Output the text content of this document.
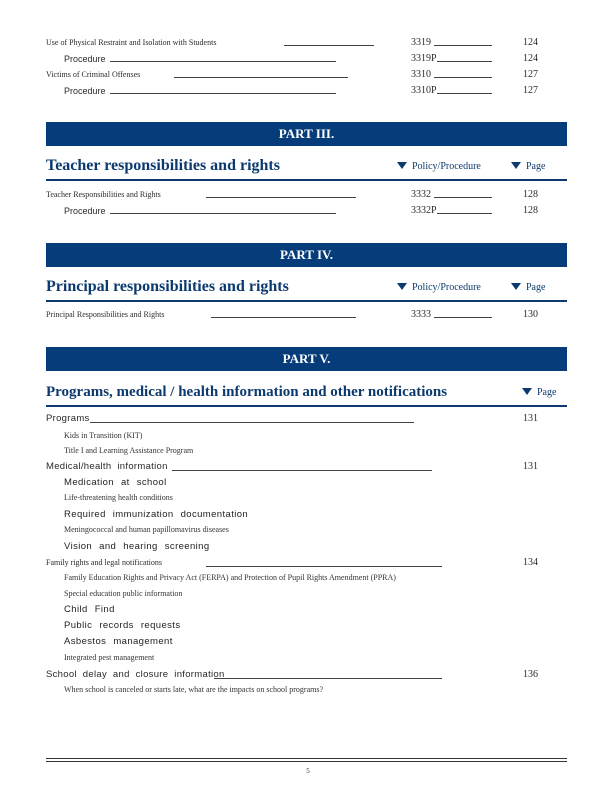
Use of Physical Restraint and Isolation with Students	3319	124
Procedure	3319P	124
Victims of Criminal Offenses	3310	127
Procedure	3310P	127
PART III.
Teacher responsibilities and rights	Policy/Procedure	Page
Teacher Responsibilities and Rights	3332	128
Procedure	3332P	128
PART IV.
Principal responsibilities and rights	Policy/Procedure	Page
Principal Responsibilities and Rights	3333	130
PART V.
Programs, medical / health information and other notifications	Page
Programs	131
Kids in Transition (KIT)
Title I and Learning Assistance Program
Medical/health information	131
Medication at school
Life-threatening health conditions
Required immunization documentation
Meningococcal and human papillomavirus diseases
Vision and hearing screening
Family rights and legal notifications	134
Family Education Rights and Privacy Act (FERPA) and Protection of Pupil Rights Amendment (PPRA)
Special education public information
Child Find
Public records requests
Asbestos management
Integrated pest management
School delay and closure information	136
When school is canceled or starts late, what are the impacts on school programs?
5
